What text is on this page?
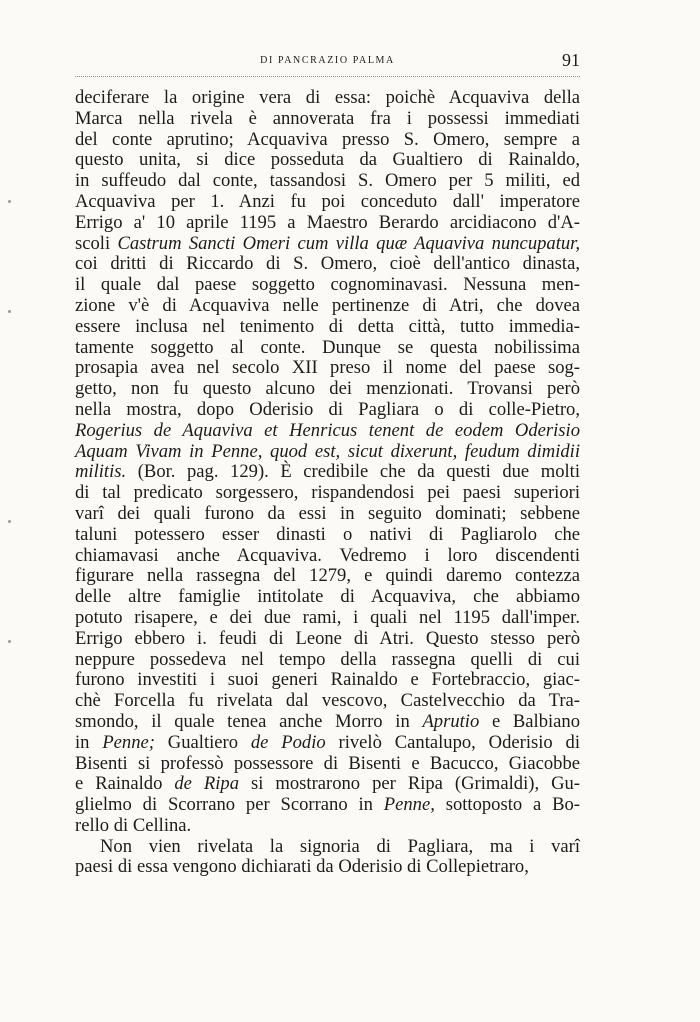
DI PANCRAZIO PALMA	91
deciferare la origine vera di essa: poichè Acquaviva della
Marca nella rivela è annoverata fra i possessi immediati
del conte aprutino; Acquaviva presso S. Omero, sempre a
questo unita, si dice posseduta da Gualtiero di Rainaldo,
in suffeudo dal conte, tassandosi S. Omero per 5 militi, ed
Acquaviva per 1. Anzi fu poi conceduto dall' imperatore
Errigo a' 10 aprile 1195 a Maestro Berardo arcidiacono d'A-
scoli Castrum Sancti Omeri cum villa quæ Aquaviva nuncupatur,
coi dritti di Riccardo di S. Omero, cioè dell'antico dinasta,
il quale dal paese soggetto cognominavasi. Nessuna men-
zione v'è di Acquaviva nelle pertinenze di Atri, che dovea
essere inclusa nel tenimento di detta città, tutto immedia-
tamente soggetto al conte. Dunque se questa nobilissima
prosapia avea nel secolo XII preso il nome del paese sog-
getto, non fu questo alcuno dei menzionati. Trovansi però
nella mostra, dopo Oderisio di Pagliara o di colle-Pietro,
Rogerius de Aquaviva et Henricus tenent de eodem Oderisio
Aquam Vivam in Penne, quod est, sicut dixerunt, feudum dimidii
militis. (Bor. pag. 129). È credibile che da questi due molti
di tal predicato sorgessero, rispandendosi pei paesi superiori
varî dei quali furono da essi in seguito dominati; sebbene
taluni potessero esser dinasti o nativi di Pagliarolo che
chiamavasi anche Acquaviva. Vedremo i loro discendenti
figurare nella rassegna del 1279, e quindi daremo contezza
delle altre famiglie intitolate di Acquaviva, che abbiamo
potuto risapere, e dei due rami, i quali nel 1195 dall'imper.
Errigo ebbero i. feudi di Leone di Atri. Questo stesso però
neppure possedeva nel tempo della rassegna quelli di cui
furono investiti i suoi generi Rainaldo e Fortebraccio, giac-
chè Forcella fu rivelata dal vescovo, Castelvecchio da Tra-
smondo, il quale tenea anche Morro in Aprutio e Balbiano
in Penne; Gualtiero de Podio rivelò Cantalupo, Oderisio di
Bisenti si professò possessore di Bisenti e Bacucco, Giacobbe
e Rainaldo de Ripa si mostrarono per Ripa (Grimaldi), Gu-
glielmo di Scorrano per Scorrano in Penne, sottoposto a Bo-
rello di Cellina.
Non vien rivelata la signoria di Pagliara, ma i varî
paesi di essa vengono dichiarati da Oderisio di Collepietraro,
